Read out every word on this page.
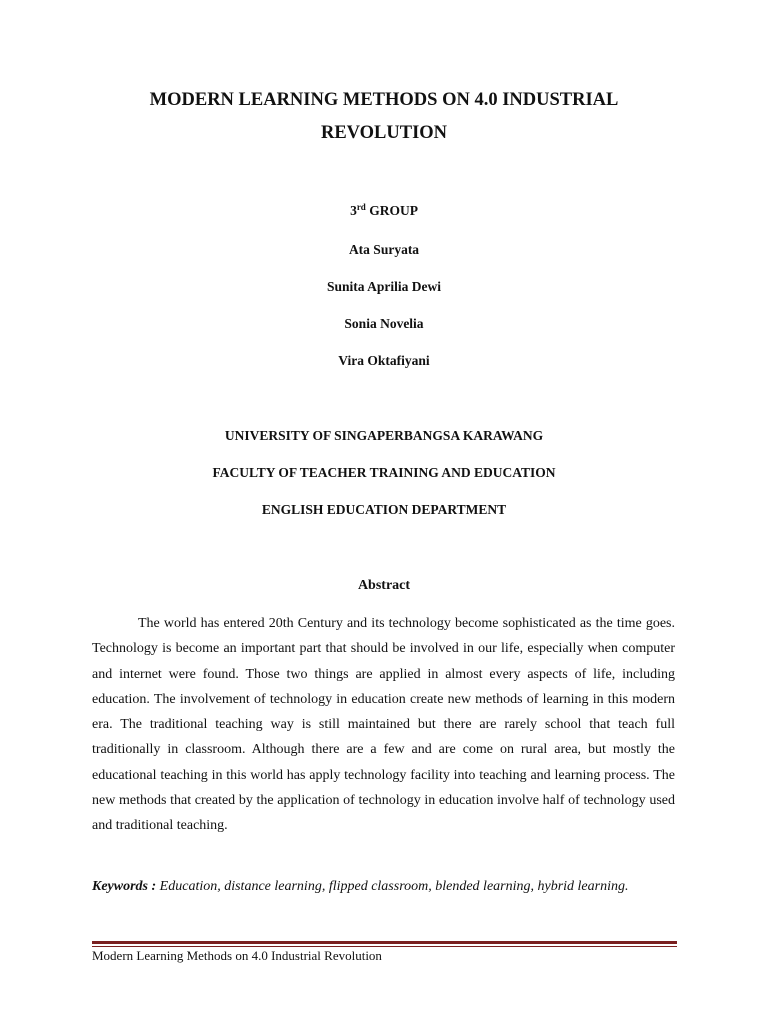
MODERN LEARNING METHODS ON 4.0 INDUSTRIAL
REVOLUTION
3rd GROUP
Ata Suryata
Sunita Aprilia Dewi
Sonia Novelia
Vira Oktafiyani
UNIVERSITY OF SINGAPERBANGSA KARAWANG
FACULTY OF TEACHER TRAINING AND EDUCATION
ENGLISH EDUCATION DEPARTMENT
Abstract
The world has entered 20th Century and its technology become sophisticated as the time goes. Technology is become an important part that should be involved in our life, especially when computer and internet were found. Those two things are applied in almost every aspects of life, including education. The involvement of technology in education create new methods of learning in this modern era. The traditional teaching way is still maintained but there are rarely school that teach full traditionally in classroom. Although there are a few and are come on rural area, but mostly the educational teaching in this world has apply technology facility into teaching and learning process. The new methods that created by the application of technology in education involve half of technology used and traditional teaching.
Keywords : Education, distance learning, flipped classroom, blended learning, hybrid learning.
Modern Learning Methods on 4.0 Industrial Revolution
